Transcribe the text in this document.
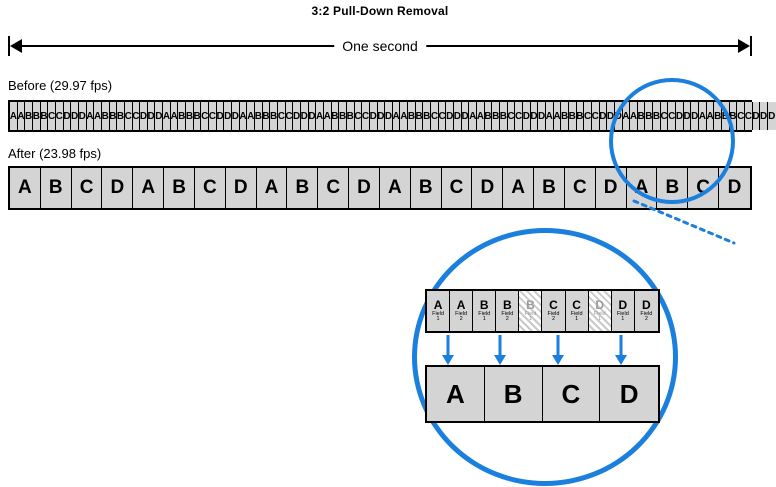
3:2 Pull-Down Removal
One second
Before (29.97 fps)
A A B B B C C D D D A A B B B C C D D D A A B B B C C D D D A A B B B C C D D D A A B B B C C D D D A A B B B C C D D D A A B B B C C D D D A A B B B C C D D D A A B B B C C D D D A A B B B C C D D D
After (23.98 fps)
A B C D A B C D A B C D A B C D A B C D A B C D
A
Field
1
A
Field
2
B
Field
1
B
Field
2
B
Field
1
C
Field
2
C
Field
1
D
Field
1
D
Field
1
D
Field
2
A	B	C	D
